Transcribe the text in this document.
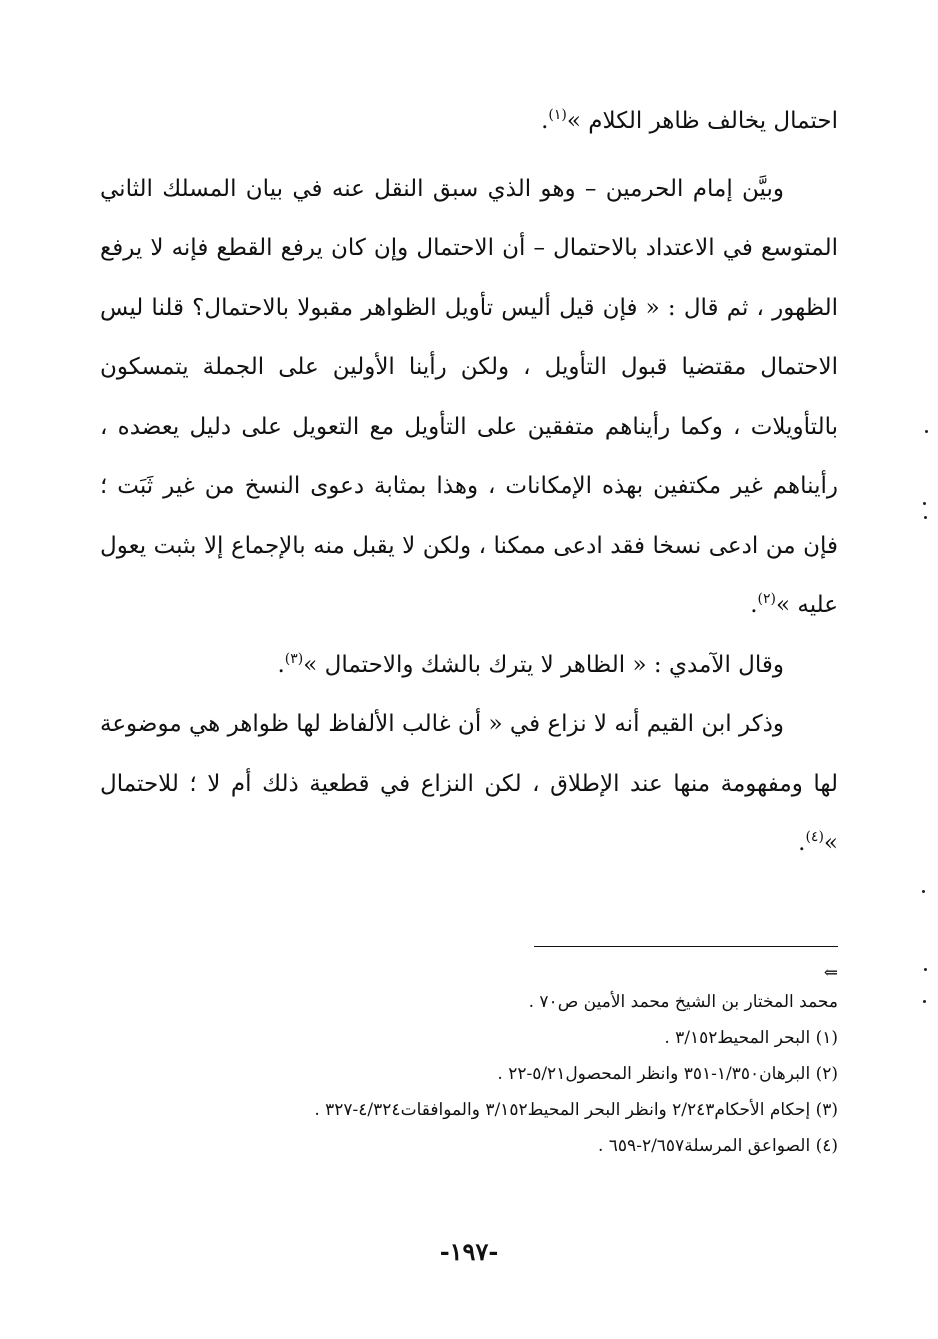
احتمال يخالف ظاهر الكلام »$^{(١)}$.

وبيَّن إمام الحرمين – وهو الذي سبق النقل عنه في بيان المسلك الثاني المتوسع في الاعتداد بالاحتمال – أن الاحتمال وإن كان يرفع القطع فإنه لا يرفع الظهور ، ثم قال : « فإن قيل أليس تأويل الظواهر مقبولا بالاحتمال؟ قلنا ليس الاحتمال مقتضيا قبول التأويل ، ولكن رأينا الأولين على الجملة يتمسكون بالتأويلات ، وكما رأيناهم متفقين على التأويل مع التعويل على دليل يعضده ، رأيناهم غير مكتفين بهذه الإمكانات ، وهذا بمثابة دعوى النسخ من غير ثَبَت ؛ فإن من ادعى نسخا فقد ادعى ممكنا ، ولكن لا يقبل منه بالإجماع إلا بثبت يعول عليه »$^{(٢)}$.

وقال الآمدي : « الظاهر لا يترك بالشك والاحتمال »$^{(٣)}$.

وذكر ابن القيم أنه لا نزاع في « أن غالب الألفاظ لها ظواهر هي موضوعة لها ومفهومة منها عند الإطلاق ، لكن النزاع في قطعية ذلك أم لا ؛ للاحتمال »$^{(٤)}$.

⇐

محمد المختار بن الشيخ محمد الأمين ص٧٠ .

(١) البحر المحيط٣/١٥٢ .

(٢) البرهان١/٣٥٠-٣٥١ وانظر المحصول٥/٢١-٢٢ .

(٣) إحكام الأحكام٢/٢٤٣ وانظر البحر المحيط٣/١٥٢ والموافقات٤/٣٢٤-٣٢٧ .

(٤) الصواعق المرسلة٢/٦٥٧-٦٥٩ .

-١٩٧-
